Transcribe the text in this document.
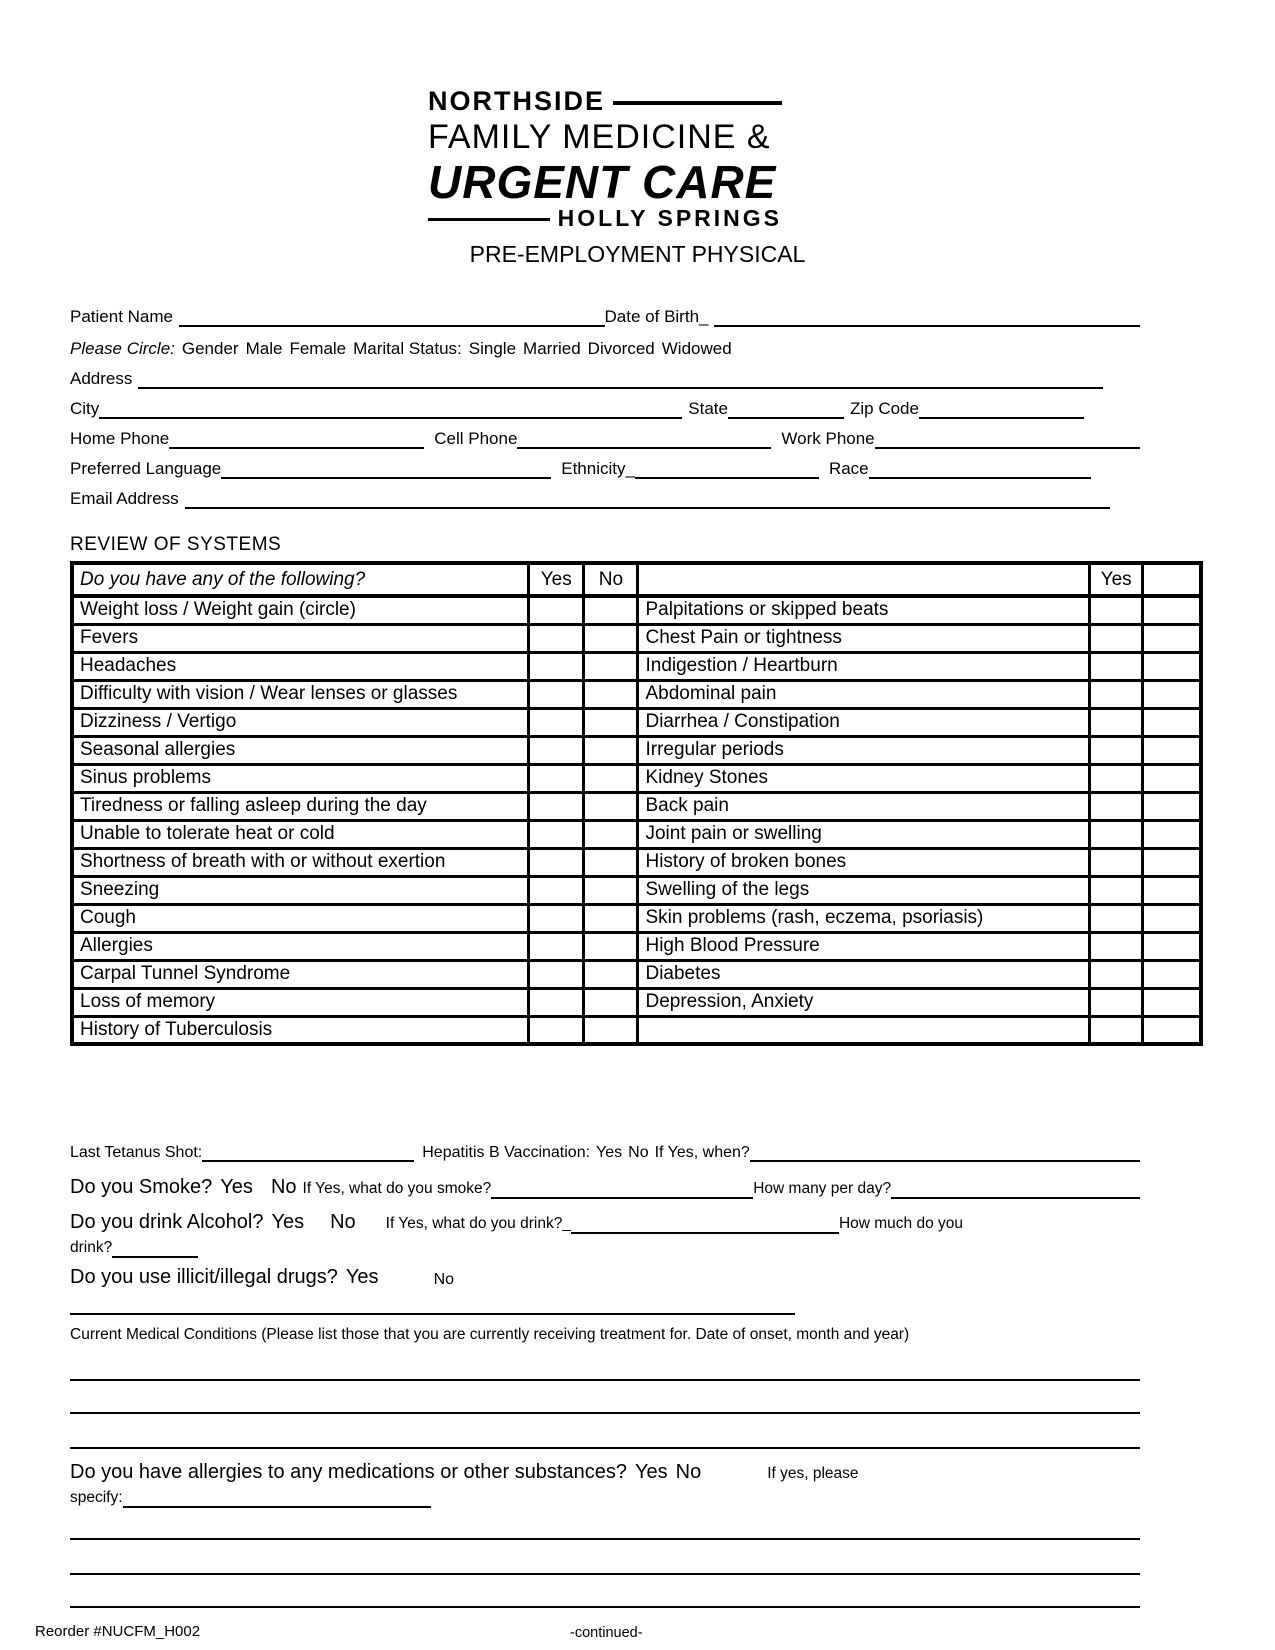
NORTHSIDE
FAMILY MEDICINE &
URGENT CARE
HOLLY SPRINGS
PRE-EMPLOYMENT PHYSICAL
Patient Name	Date of Birth_
Please Circle: Gender Male Female Marital Status: Single Married Divorced Widowed
Address
City	State	Zip Code
Home Phone	Cell Phone	Work Phone
Preferred Language	Ethnicity_	Race
Email Address
REVIEW OF SYSTEMS
Do you have any of the following?	Yes	No		Yes	
Weight loss / Weight gain (circle)			Palpitations or skipped beats		
Fevers			Chest Pain or tightness		
Headaches			Indigestion / Heartburn		
Difficulty with vision / Wear lenses or glasses			Abdominal pain		
Dizziness / Vertigo			Diarrhea / Constipation		
Seasonal allergies			Irregular periods		
Sinus problems			Kidney Stones		
Tiredness or falling asleep during the day			Back pain		
Unable to tolerate heat or cold			Joint pain or swelling		
Shortness of breath with or without exertion			History of broken bones		
Sneezing			Swelling of the legs		
Cough			Skin problems (rash, eczema, psoriasis)		
Allergies			High Blood Pressure		
Carpal Tunnel Syndrome			Diabetes		
Loss of memory			Depression, Anxiety		
History of Tuberculosis					
Last Tetanus Shot:	Hepatitis B Vaccination: Yes No If Yes, when?
Do you Smoke? Yes No If Yes, what do you smoke?	How many per day?
Do you drink Alcohol? Yes No If Yes, what do you drink?_	How much do you
drink?
Do you use illicit/illegal drugs? Yes	No
Current Medical Conditions (Please list those that you are currently receiving treatment for. Date of onset, month and year)
Do you have allergies to any medications or other substances? Yes No	If yes, please
specify:
Reorder #NUCFM_H002	-continued-
